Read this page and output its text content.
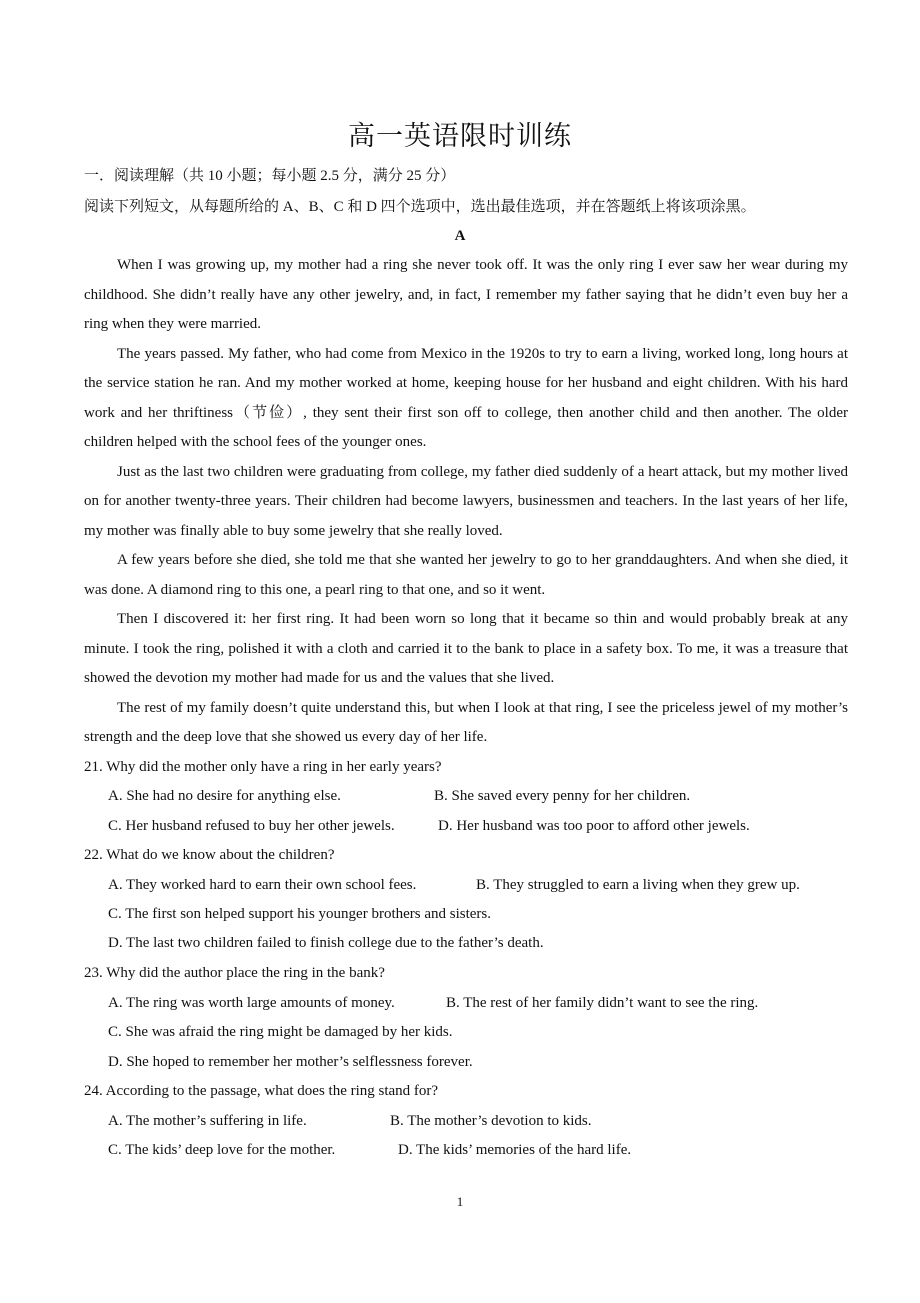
高一英语限时训练
一．阅读理解（共 10 小题；每小题 2.5 分，满分 25 分）
阅读下列短文，从每题所给的 A、B、C 和 D 四个选项中，选出最佳选项，并在答题纸上将该项涂黑。
A

When I was growing up, my mother had a ring she never took off. It was the only ring I ever saw her wear during my childhood. She didn’t really have any other jewelry, and, in fact, I remember my father saying that he didn’t even buy her a ring when they were married.

The years passed. My father, who had come from Mexico in the 1920s to try to earn a living, worked long, long hours at the service station he ran. And my mother worked at home, keeping house for her husband and eight children. With his hard work and her thriftiness（节俭）, they sent their first son off to college, then another child and then another. The older children helped with the school fees of the younger ones.

Just as the last two children were graduating from college, my father died suddenly of a heart attack, but my mother lived on for another twenty-three years. Their children had become lawyers, businessmen and teachers. In the last years of her life, my mother was finally able to buy some jewelry that she really loved.

A few years before she died, she told me that she wanted her jewelry to go to her granddaughters. And when she died, it was done. A diamond ring to this one, a pearl ring to that one, and so it went.

Then I discovered it: her first ring. It had been worn so long that it became so thin and would probably break at any minute. I took the ring, polished it with a cloth and carried it to the bank to place in a safety box. To me, it was a treasure that showed the devotion my mother had made for us and the values that she lived.

The rest of my family doesn’t quite understand this, but when I look at that ring, I see the priceless jewel of my mother’s strength and the deep love that she showed us every day of her life.

21. Why did the mother only have a ring in her early years?
A. She had no desire for anything else.	B. She saved every penny for her children.
C. Her husband refused to buy her other jewels.	D. Her husband was too poor to afford other jewels.
22. What do we know about the children?
A. They worked hard to earn their own school fees.	B. They struggled to earn a living when they grew up.
C. The first son helped support his younger brothers and sisters.
D. The last two children failed to finish college due to the father’s death.
23. Why did the author place the ring in the bank?
A. The ring was worth large amounts of money.	B. The rest of her family didn’t want to see the ring.
C. She was afraid the ring might be damaged by her kids.
D. She hoped to remember her mother’s selflessness forever.
24. According to the passage, what does the ring stand for?
A. The mother’s suffering in life.	B. The mother’s devotion to kids.
C. The kids’ deep love for the mother.	D. The kids’ memories of the hard life.
1
